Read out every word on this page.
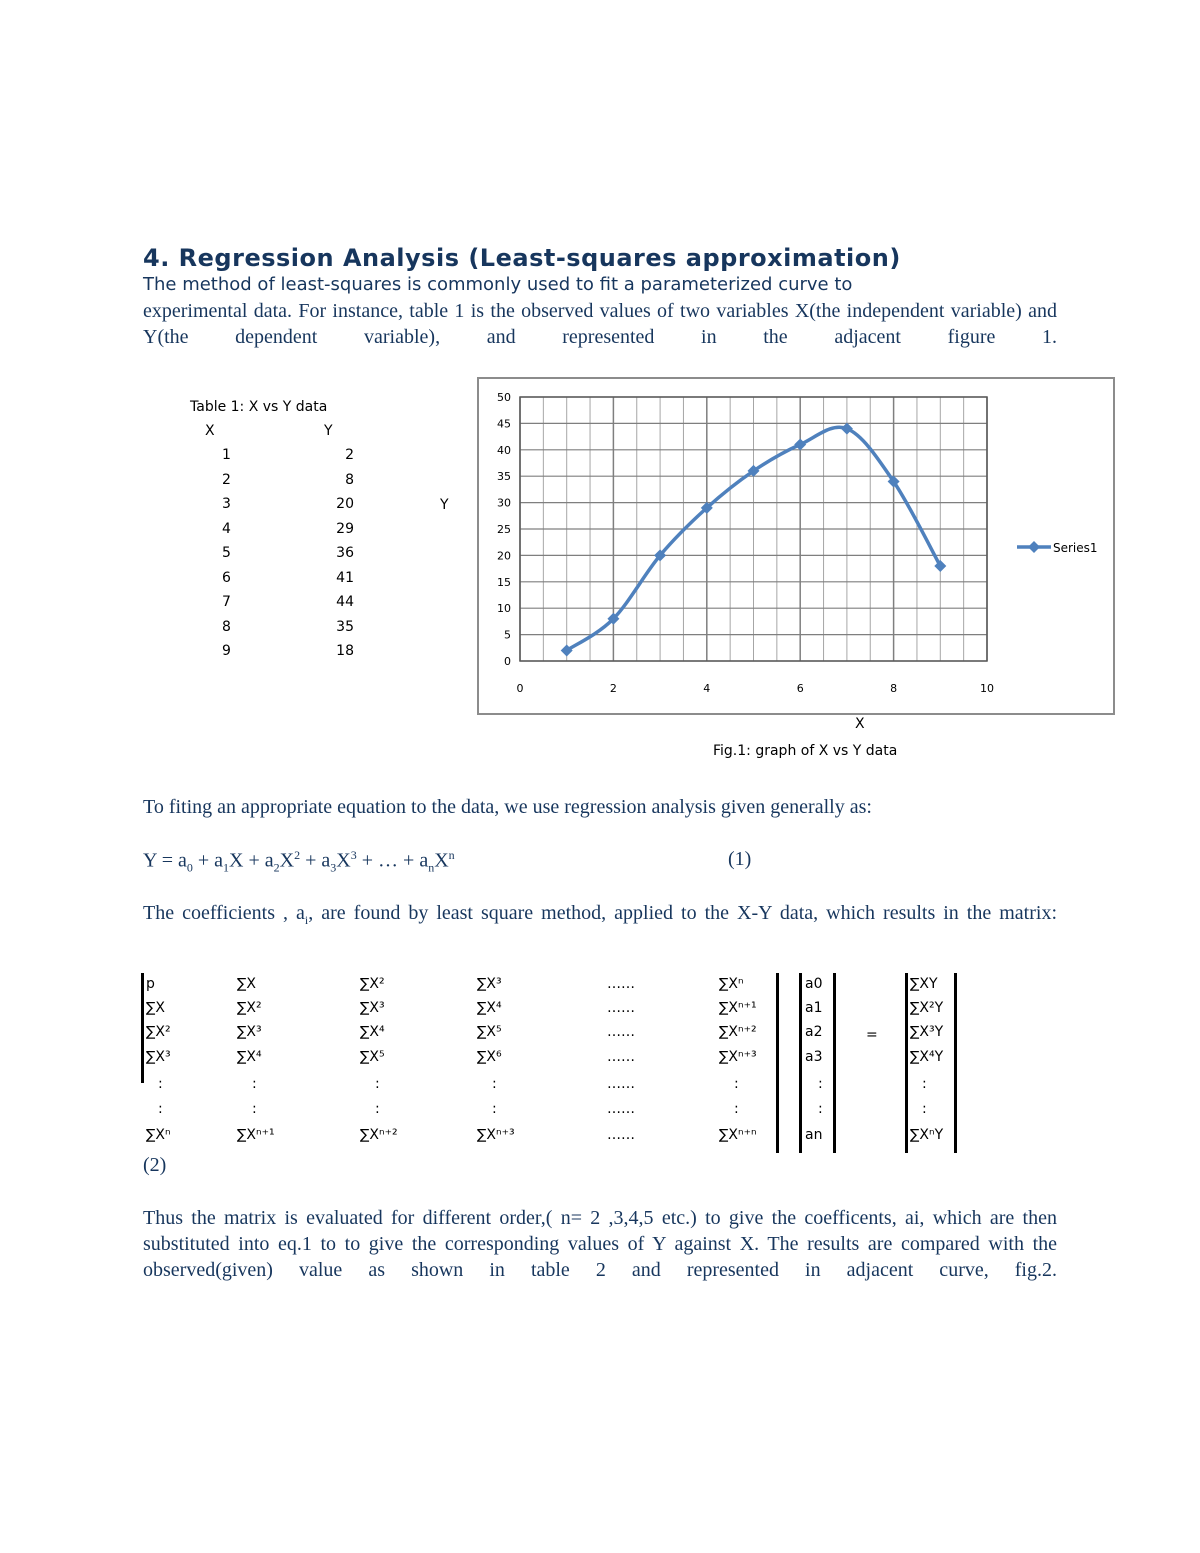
4. Regression Analysis (Least-squares approximation)
The method of least-squares is commonly used to fit a parameterized curve to
experimental data. For instance, table 1 is the observed values of two variables X(the independent variable) and Y(the dependent variable), and represented in the adjacent figure 1.
Table 1: X vs Y data
X	Y
1	2
2	8
3	20
4	29
5	36
6	41
7	44
8	35
9	18
Y
0
5
10
15
20
25
30
35
40
45
50
0	2	4	6	8	10
Series1
X
Fig.1: graph of X vs Y data
To fiting an appropriate equation to the data, we use regression analysis given generally as:
$Y = a_0 + a_1X + a_2X^2 + a_3X^3$ + … + $a_nX^n$	(1)
The coefficients , $a_i$, are found by least square method, applied to the X-Y data, which results in the matrix:
p	∑X	∑X²	∑X³	……	∑Xⁿ	a0	∑XY
∑X	∑X²	∑X³	∑X⁴	……	∑Xⁿ⁺¹	a1	∑X²Y
∑X²	∑X³	∑X⁴	∑X⁵	……	∑Xⁿ⁺²	a2	∑X³Y
∑X³	∑X⁴	∑X⁵	∑X⁶	……	∑Xⁿ⁺³	a3	∑X⁴Y
:	:	:	:	……	:	:	:
:	:	:	:	……	:	:	:
∑Xⁿ	∑Xⁿ⁺¹	∑Xⁿ⁺²	∑Xⁿ⁺³	……	∑Xⁿ⁺ⁿ	an	∑XⁿY
=
(2)
Thus the matrix is evaluated for different order,( n= 2 ,3,4,5 etc.) to give the coefficents, ai, which are then substituted into eq.1 to to give the corresponding values of Y against X. The results are compared with the observed(given) value as shown in table 2 and represented in adjacent curve, fig.2.
